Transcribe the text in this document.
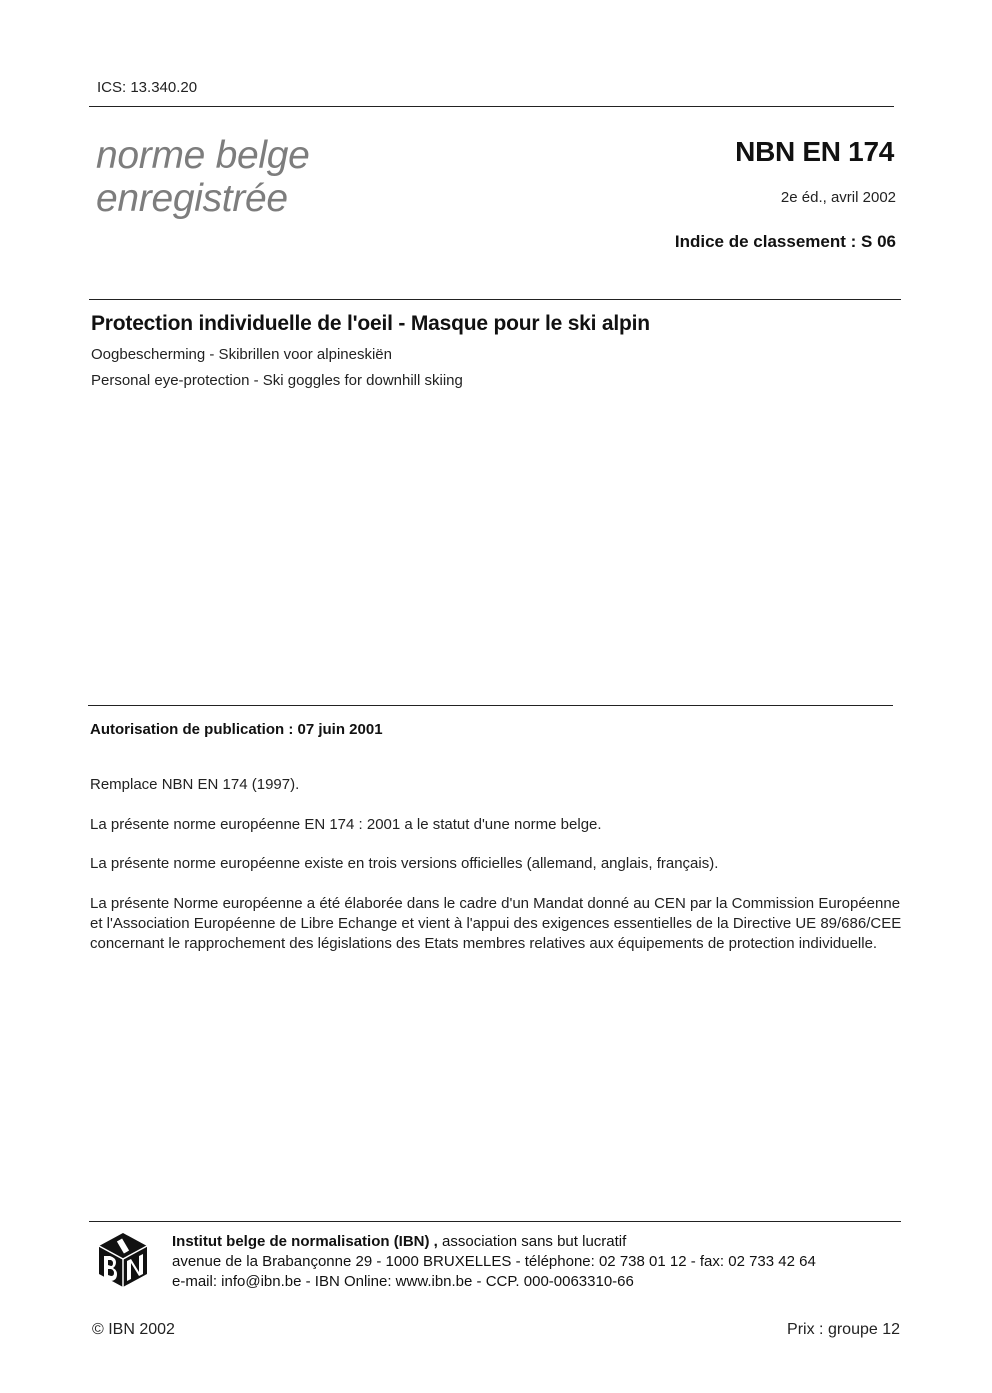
ICS: 13.340.20
norme belge
enregistrée
NBN EN 174
2e éd., avril 2002
Indice de classement : S 06
Protection individuelle de l'oeil - Masque pour le ski alpin
Oogbescherming - Skibrillen voor alpineskiën
Personal eye-protection - Ski goggles for downhill skiing
Autorisation de publication : 07 juin 2001
Remplace NBN EN 174 (1997).
La présente norme européenne EN 174 : 2001 a le statut d'une norme belge.
La présente norme européenne existe en trois versions officielles (allemand, anglais, français).
La présente Norme européenne a été élaborée dans le cadre d'un Mandat donné au CEN par la Commission Européenne et l'Association Européenne de Libre Echange et vient à l'appui des exigences essentielles de la Directive UE 89/686/CEE concernant le rapprochement des législations des Etats membres relatives aux équipements de protection individuelle.
Institut belge de normalisation (IBN) , association sans but lucratif
avenue de la Brabançonne 29 - 1000 BRUXELLES - téléphone: 02 738 01 12 - fax: 02 733 42 64
e-mail: info@ibn.be - IBN Online: www.ibn.be - CCP. 000-0063310-66
© IBN 2002	Prix : groupe 12
